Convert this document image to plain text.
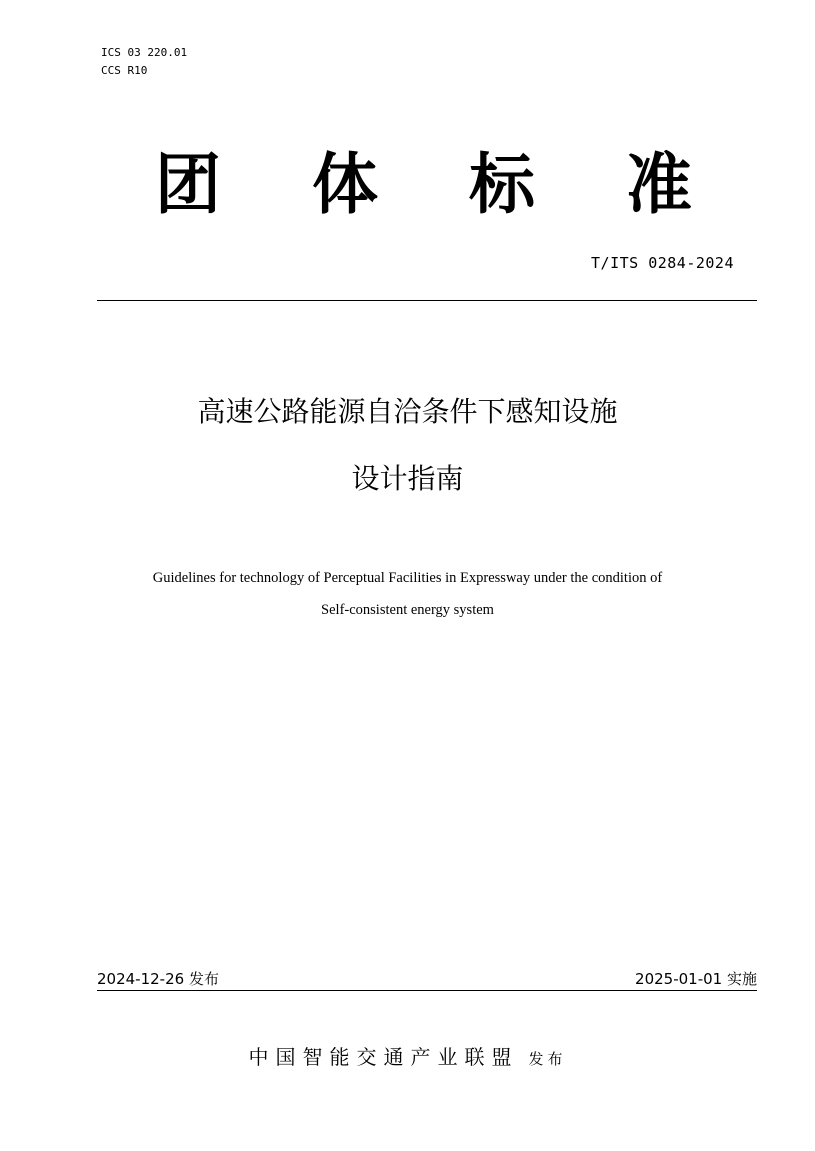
ICS 03 220.01
CCS R10
团 体 标 准
T/ITS 0284-2024
高速公路能源自洽条件下感知设施
设计指南
Guidelines for technology of Perceptual Facilities in Expressway under the condition of
Self-consistent energy system
2024-12-26 发布	2025-01-01 实施
中国智能交通产业联盟 发布
